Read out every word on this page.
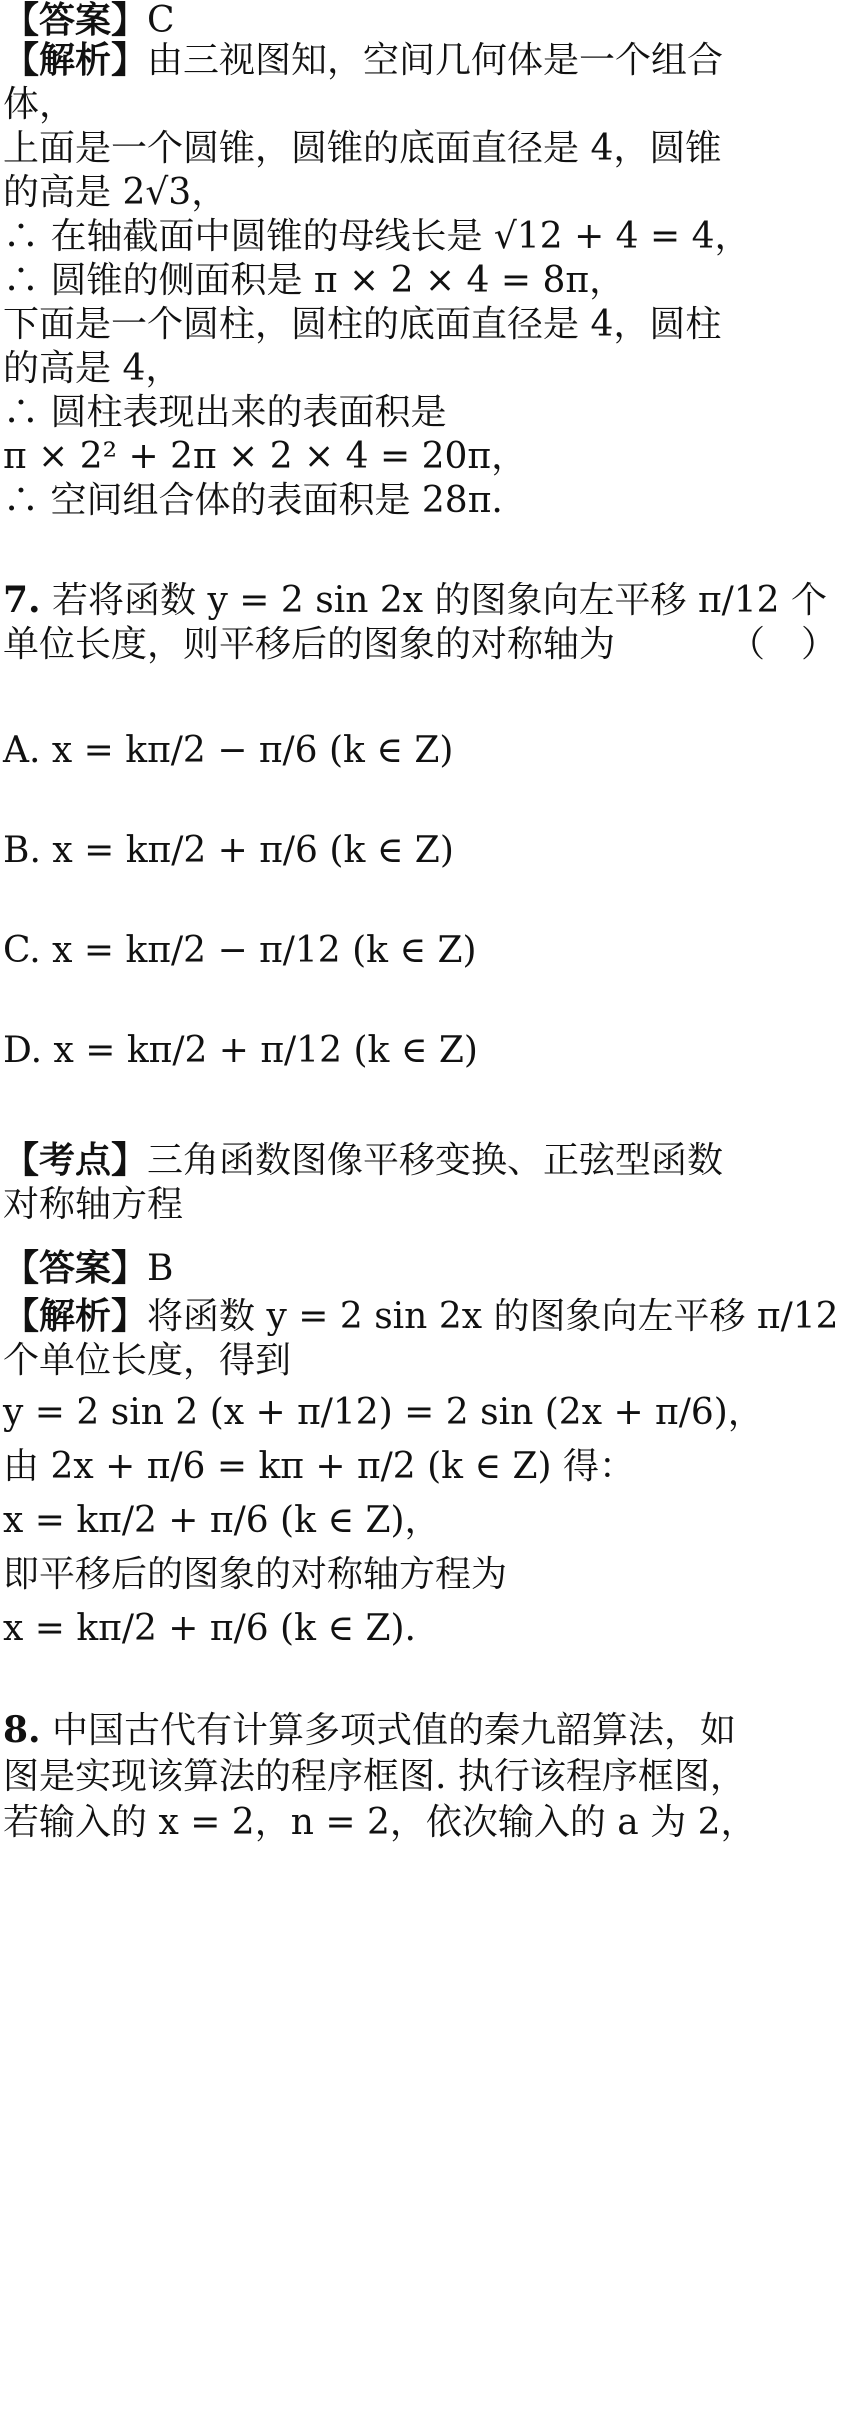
【答案】C
【解析】由三视图知，空间几何体是一个组合
体，
上面是一个圆锥，圆锥的底面直径是 4，圆锥
的高是 2√3，
∴ 在轴截面中圆锥的母线长是 √12 + 4 = 4，
∴ 圆锥的侧面积是 π × 2 × 4 = 8π，
下面是一个圆柱，圆柱的底面直径是 4，圆柱
的高是 4，
∴ 圆柱表现出来的表面积是
π × 2² + 2π × 2 × 4 = 20π，
∴ 空间组合体的表面积是 28π.
7. 若将函数 y = 2 sin 2x 的图象向左平移 π/12 个
单位长度，则平移后的图象的对称轴为	（　）
A.
x = kπ/2 − π/6 (k ∈ Z)
B.
x = kπ/2 + π/6 (k ∈ Z)
C.
x = kπ/2 − π/12 (k ∈ Z)
D.
x = kπ/2 + π/12 (k ∈ Z)
【考点】三角函数图像平移变换、正弦型函数
对称轴方程
【答案】B
【解析】将函数 y = 2 sin 2x 的图象向左平移 π/12
个单位长度，得到
y = 2 sin 2 (x + π/12) = 2 sin (2x + π/6)，
由 2x + π/6 = kπ + π/2 (k ∈ Z) 得：
x = kπ/2 + π/6 (k ∈ Z)，
即平移后的图象的对称轴方程为
x = kπ/2 + π/6 (k ∈ Z).
8. 中国古代有计算多项式值的秦九韶算法，如
图是实现该算法的程序框图. 执行该程序框图，
若输入的 x = 2，n = 2，依次输入的 a 为 2，
